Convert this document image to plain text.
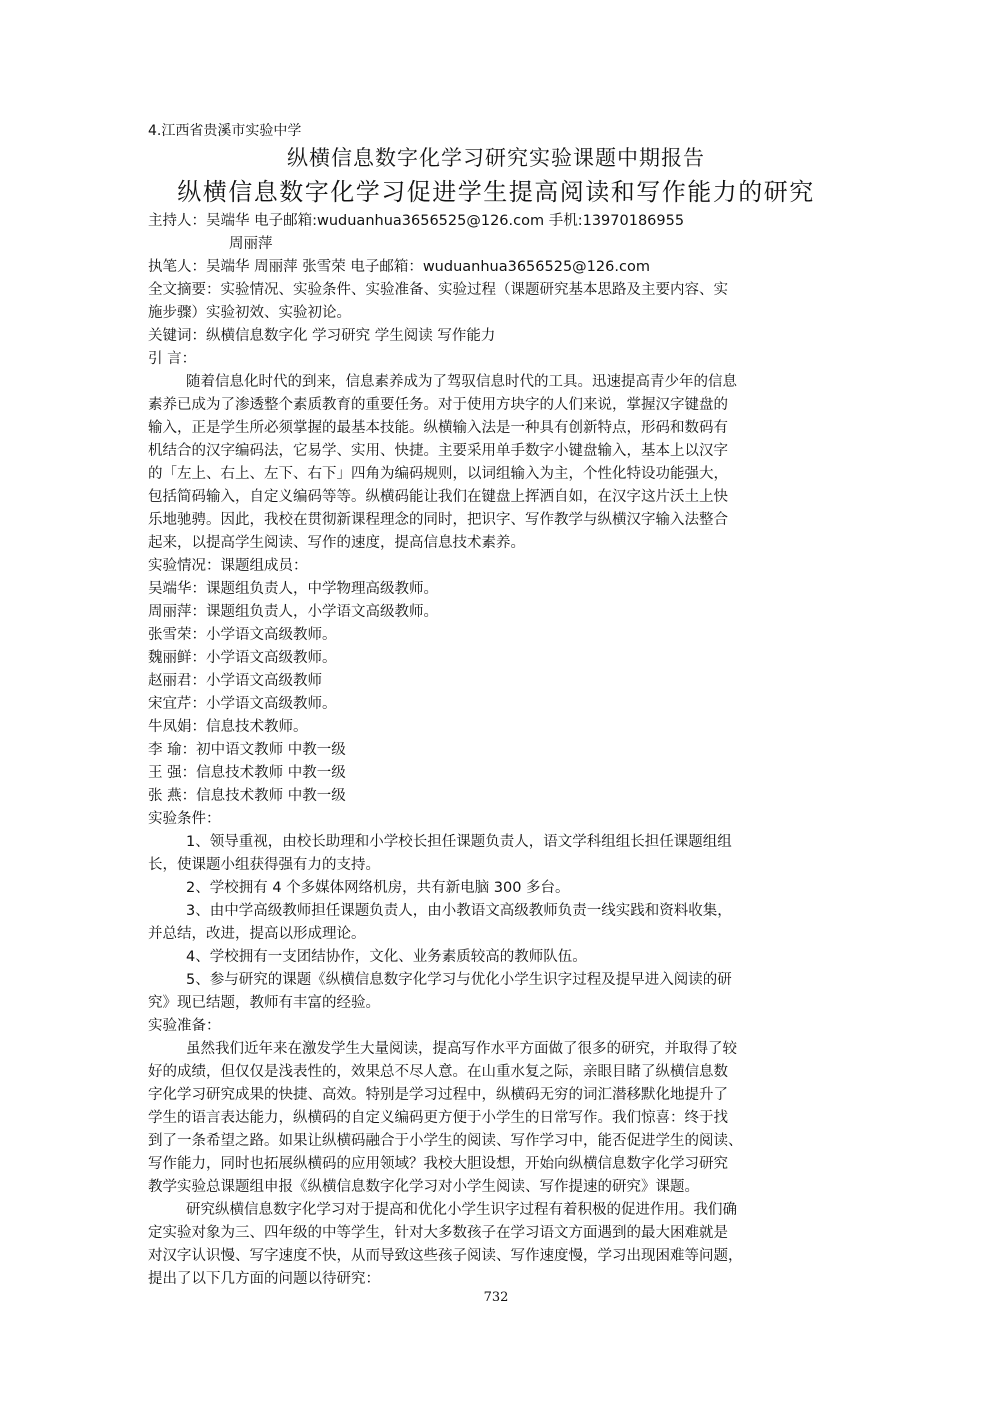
4.江西省贵溪市实验中学
纵横信息数字化学习研究实验课题中期报告
纵横信息数字化学习促进学生提高阅读和写作能力的研究
主持人：吴端华 电子邮箱:wuduanhua3656525@126.com 手机:13970186955
周丽萍
执笔人：吴端华 周丽萍 张雪荣 电子邮箱：wuduanhua3656525@126.com
全文摘要：实验情况、实验条件、实验准备、实验过程（课题研究基本思路及主要内容、实
施步骤）实验初效、实验初论。
关键词：纵横信息数字化 学习研究 学生阅读 写作能力
引 言：
随着信息化时代的到来，信息素养成为了驾驭信息时代的工具。迅速提高青少年的信息
素养已成为了渗透整个素质教育的重要任务。对于使用方块字的人们来说，掌握汉字键盘的
输入，正是学生所必须掌握的最基本技能。纵横输入法是一种具有创新特点，形码和数码有
机结合的汉字编码法，它易学、实用、快捷。主要采用单手数字小键盘输入，基本上以汉字
的「左上、右上、左下、右下」四角为编码规则，以词组输入为主，个性化特设功能强大，
包括简码输入，自定义编码等等。纵横码能让我们在键盘上挥洒自如，在汉字这片沃土上快
乐地驰骋。因此，我校在贯彻新课程理念的同时，把识字、写作教学与纵横汉字输入法整合
起来，以提高学生阅读、写作的速度，提高信息技术素养。
实验情况：课题组成员：
吴端华：课题组负责人，中学物理高级教师。
周丽萍：课题组负责人，小学语文高级教师。
张雪荣：小学语文高级教师。
魏丽鲜：小学语文高级教师。
赵丽君：小学语文高级教师
宋宜芹：小学语文高级教师。
牛凤娟：信息技术教师。
李 瑜：初中语文教师 中教一级
王 强：信息技术教师 中教一级
张 燕：信息技术教师 中教一级
实验条件：
1、领导重视，由校长助理和小学校长担任课题负责人，语文学科组组长担任课题组组
长，使课题小组获得强有力的支持。
2、学校拥有 4 个多媒体网络机房，共有新电脑 300 多台。
3、由中学高级教师担任课题负责人，由小教语文高级教师负责一线实践和资料收集，
并总结，改进，提高以形成理论。
4、学校拥有一支团结协作，文化、业务素质较高的教师队伍。
5、参与研究的课题《纵横信息数字化学习与优化小学生识字过程及提早进入阅读的研
究》现已结题，教师有丰富的经验。
实验准备：
虽然我们近年来在激发学生大量阅读，提高写作水平方面做了很多的研究，并取得了较
好的成绩，但仅仅是浅表性的，效果总不尽人意。在山重水复之际，亲眼目睹了纵横信息数
字化学习研究成果的快捷、高效。特别是学习过程中，纵横码无穷的词汇潜移默化地提升了
学生的语言表达能力，纵横码的自定义编码更方便于小学生的日常写作。我们惊喜：终于找
到了一条希望之路。如果让纵横码融合于小学生的阅读、写作学习中，能否促进学生的阅读、
写作能力，同时也拓展纵横码的应用领域？我校大胆设想，开始向纵横信息数字化学习研究
教学实验总课题组申报《纵横信息数字化学习对小学生阅读、写作提速的研究》课题。
研究纵横信息数字化学习对于提高和优化小学生识字过程有着积极的促进作用。我们确
定实验对象为三、四年级的中等学生，针对大多数孩子在学习语文方面遇到的最大困难就是
对汉字认识慢、写字速度不快，从而导致这些孩子阅读、写作速度慢，学习出现困难等问题，
提出了以下几方面的问题以待研究：
732
